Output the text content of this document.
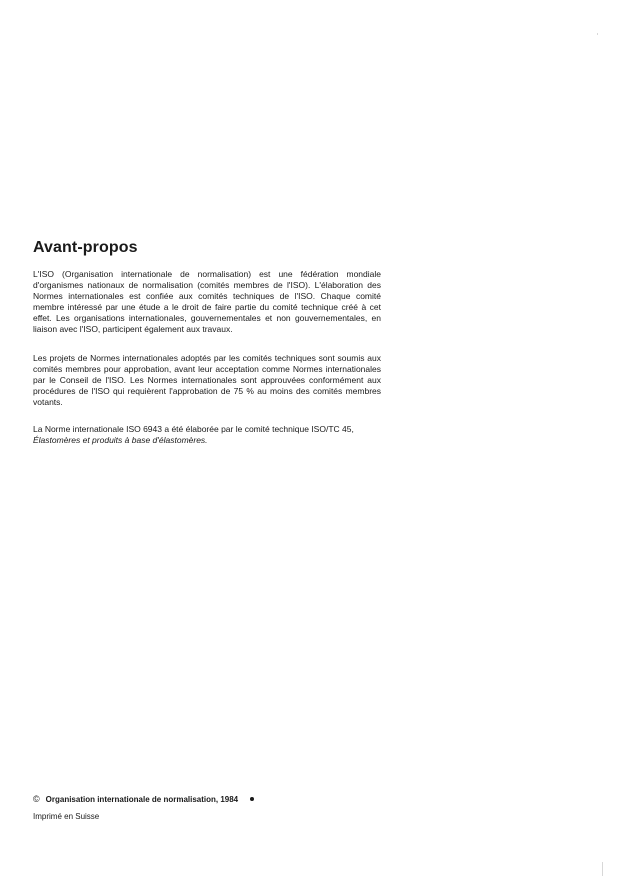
Avant-propos

L'ISO (Organisation internationale de normalisation) est une fédération mondiale d'organismes nationaux de normalisation (comités membres de l'ISO). L'élaboration des Normes internationales est confiée aux comités techniques de l'ISO. Chaque comité membre intéressé par une étude a le droit de faire partie du comité technique créé à cet effet. Les organisations internationales, gouvernementales et non gouvernementales, en liaison avec l'ISO, participent également aux travaux.

Les projets de Normes internationales adoptés par les comités techniques sont soumis aux comités membres pour approbation, avant leur acceptation comme Normes internationales par le Conseil de l'ISO. Les Normes internationales sont approuvées conformément aux procédures de l'ISO qui requièrent l'approbation de 75 % au moins des comités membres votants.

La Norme internationale ISO 6943 a été élaborée par le comité technique ISO/TC 45,
Élastomères et produits à base d'élastomères.

© Organisation internationale de normalisation, 1984

Imprimé en Suisse
